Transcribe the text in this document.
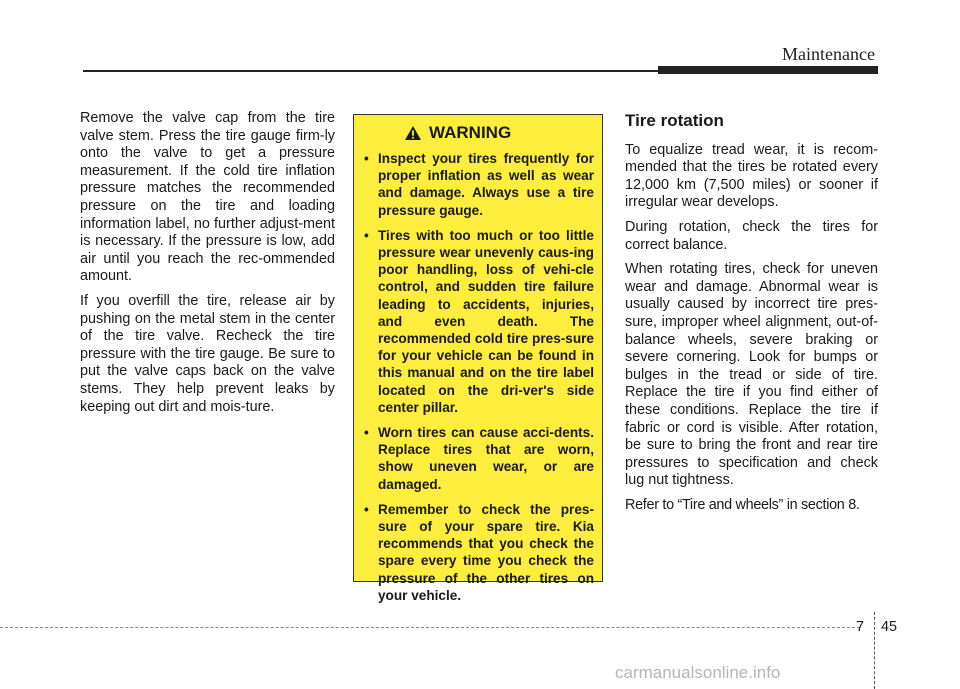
Maintenance

Remove the valve cap from the tire valve stem. Press the tire gauge firm-ly onto the valve to get a pressure measurement. If the cold tire inflation pressure matches the recommended pressure on the tire and loading information label, no further adjust-ment is necessary. If the pressure is low, add air until you reach the rec-ommended amount.

If you overfill the tire, release air by pushing on the metal stem in the center of the tire valve. Recheck the tire pressure with the tire gauge. Be sure to put the valve caps back on the valve stems. They help prevent leaks by keeping out dirt and mois-ture.

WARNING
• Inspect your tires frequently for proper inflation as well as wear and damage. Always use a tire pressure gauge.
• Tires with too much or too little pressure wear unevenly caus-ing poor handling, loss of vehi-cle control, and sudden tire failure leading to accidents, injuries, and even death. The recommended cold tire pres-sure for your vehicle can be found in this manual and on the tire label located on the dri-ver's side center pillar.
• Worn tires can cause acci-dents. Replace tires that are worn, show uneven wear, or are damaged.
• Remember to check the pres-sure of your spare tire. Kia recommends that you check the spare every time you check the pressure of the other tires on your vehicle.
Tire rotation

To equalize tread wear, it is recom-mended that the tires be rotated every 12,000 km (7,500 miles) or sooner if irregular wear develops.

During rotation, check the tires for correct balance.

When rotating tires, check for uneven wear and damage. Abnormal wear is usually caused by incorrect tire pres-sure, improper wheel alignment, out-of-balance wheels, severe braking or severe cornering. Look for bumps or bulges in the tread or side of tire. Replace the tire if you find either of these conditions. Replace the tire if fabric or cord is visible. After rotation, be sure to bring the front and rear tire pressures to specification and check lug nut tightness.

Refer to “Tire and wheels” in section 8.

7 45
carmanualsonline.info
